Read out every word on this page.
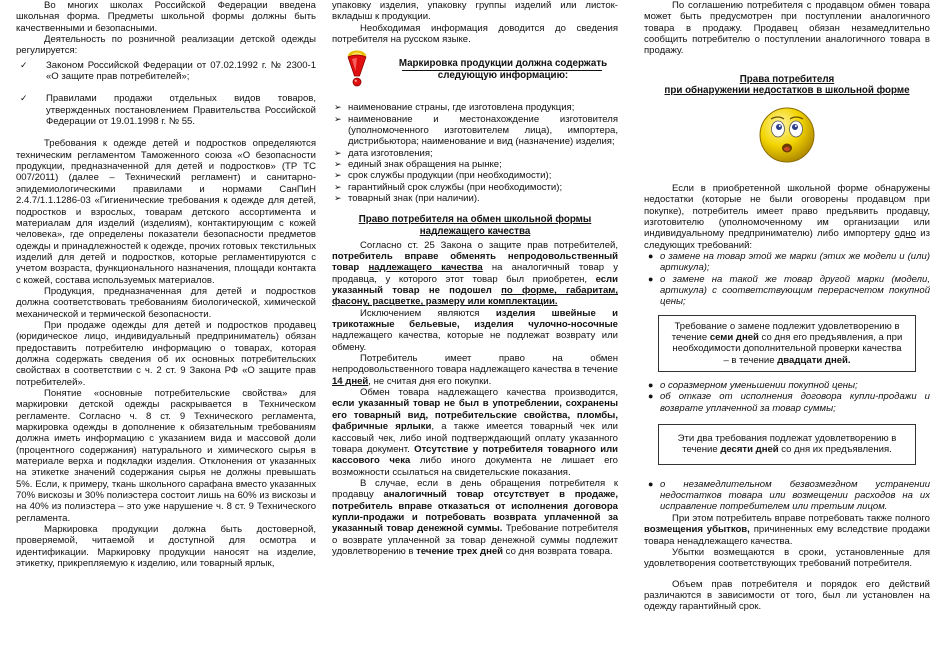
Во многих школах Российской Федерации введена школьная форма. Предметы школьной формы должны быть качественными и безопасными.

Деятельность по розничной реализации детской одежды регулируется:

✓ Законом Российской Федерации от 07.02.1992 г. № 2300-1 «О защите прав потребителей»;
✓ Правилами продажи отдельных видов товаров, утвержденных постановлением Правительства Российской Федерации от 19.01.1998 г. № 55.

Требования к одежде детей и подростков определяются техническим регламентом Таможенного союза «О безопасности продукции, предназначенной для детей и подростков» (ТР ТС 007/2011) (далее – Технический регламент) и санитарно-эпидемиологическими правилами и нормами СанПиН 2.4.7/1.1.1286-03 «Гигиенические требования к одежде для детей, подростков и взрослых, товарам детского ассортимента и материалам для изделий (изделиям), контактирующим с кожей человека», где определены показатели безопасности предметов одежды и принадлежностей к одежде, прочих готовых текстильных изделий для детей и подростков, которые регламентируются с учетом возраста, функционального назначения, площади контакта с кожей, состава используемых материалов.

Продукция, предназначенная для детей и подростков должна соответствовать требованиям биологической, химической механической и термической безопасности.

При продаже одежды для детей и подростков продавец (юридическое лицо, индивидуальный предприниматель) обязан предоставить потребителю информацию о товарах, которая должна содержать сведения об их основных потребительских свойствах в соответствии с ч. 2 ст. 9 Закона РФ «О защите прав потребителей».

Понятие «основные потребительские свойства» для маркировки детской одежды раскрывается в Техническом регламенте. Согласно ч. 8 ст. 9 Технического регламента, маркировка одежды в дополнение к обязательным требованиям должна иметь информацию с указанием вида и массовой доли (процентного содержания) натурального и химического сырья в материале верха и подкладки изделия. Отклонения от указанных на этикетке значений содержания сырья не должны превышать 5%. Если, к примеру, ткань школьного сарафана вместо указанных 70% вискозы и 30% полиэстера состоит лишь на 60% из вискозы и на 40% из полиэстера – это уже нарушение ч. 8 ст. 9 Технического регламента.

Маркировка продукции должна быть достоверной, проверяемой, читаемой и доступной для осмотра и идентификации. Маркировку продукции наносят на изделие, этикетку, прикрепляемую к изделию, или товарный ярлык,

упаковку изделия, упаковку группы изделий или листок-вкладыш к продукции.

Необходимая информация доводится до сведения потребителя на русском языке.

Маркировка продукции должна содержать следующую информацию:

➢ наименование страны, где изготовлена продукция;
➢ наименование и местонахождение изготовителя (уполномоченного изготовителем лица), импортера, дистрибьютора; наименование и вид (назначение) изделия;
➢ дата изготовления;
➢ единый знак обращения на рынке;
➢ срок службы продукции (при необходимости);
➢ гарантийный срок службы (при необходимости);
➢ товарный знак (при наличии).

Право потребителя на обмен школьной формы надлежащего качества

Согласно ст. 25 Закона о защите прав потребителей, потребитель вправе обменять непродовольственный товар надлежащего качества на аналогичный товар у продавца, у которого этот товар был приобретен, если указанный товар не подошел по форме, габаритам, фасону, расцветке, размеру или комплектации.

Исключением являются изделия швейные и трикотажные бельевые, изделия чулочно-носочные надлежащего качества, которые не подлежат возврату или обмену.

Потребитель имеет право на обмен непродовольственного товара надлежащего качества в течение 14 дней, не считая дня его покупки.

Обмен товара надлежащего качества производится, если указанный товар не был в употреблении, сохранены его товарный вид, потребительские свойства, пломбы, фабричные ярлыки, а также имеется товарный чек или кассовый чек, либо иной подтверждающий оплату указанного товара документ. Отсутствие у потребителя товарного или кассового чека либо иного документа не лишает его возможности ссылаться на свидетельские показания.

В случае, если в день обращения потребителя к продавцу аналогичный товар отсутствует в продаже, потребитель вправе отказаться от исполнения договора купли-продажи и потребовать возврата уплаченной за указанный товар денежной суммы. Требование потребителя о возврате уплаченной за товар денежной суммы подлежит удовлетворению в течение трех дней со дня возврата товара.

По соглашению потребителя с продавцом обмен товара может быть предусмотрен при поступлении аналогичного товара в продажу. Продавец обязан незамедлительно сообщить потребителю о поступлении аналогичного товара в продажу.

Права потребителя

при обнаружении недостатков в школьной форме

Если в приобретенной школьной форме обнаружены недостатки (которые не были оговорены продавцом при покупке), потребитель имеет право предъявить продавцу, изготовителю (уполномоченному им организации или индивидуальному предпринимателю) либо импортеру одно из следующих требований:

● о замене на товар этой же марки (этих же модели и (или) артикула);
● о замене на такой же товар другой марки (модели, артикула) с соответствующим перерасчетом покупной цены;
Требование о замене подлежит удовлетворению в течение семи дней со дня его предъявления, а при необходимости дополнительной проверки качества – в течение двадцати дней.
● о соразмерном уменьшении покупной цены;
● об отказе от исполнения договора купли-продажи и возврате уплаченной за товар суммы;
Эти два требования подлежат удовлетворению в течение десяти дней со дня их предъявления.
● о незамедлительном безвозмездном устранении недостатков товара или возмещении расходов на их исправление потребителем или третьим лицом.

При этом потребитель вправе потребовать также полного возмещения убытков, причиненных ему вследствие продажи товара ненадлежащего качества.

Убытки возмещаются в сроки, установленные для удовлетворения соответствующих требований потребителя.

Объем прав потребителя и порядок его действий различаются в зависимости от того, был ли установлен на одежду гарантийный срок.
